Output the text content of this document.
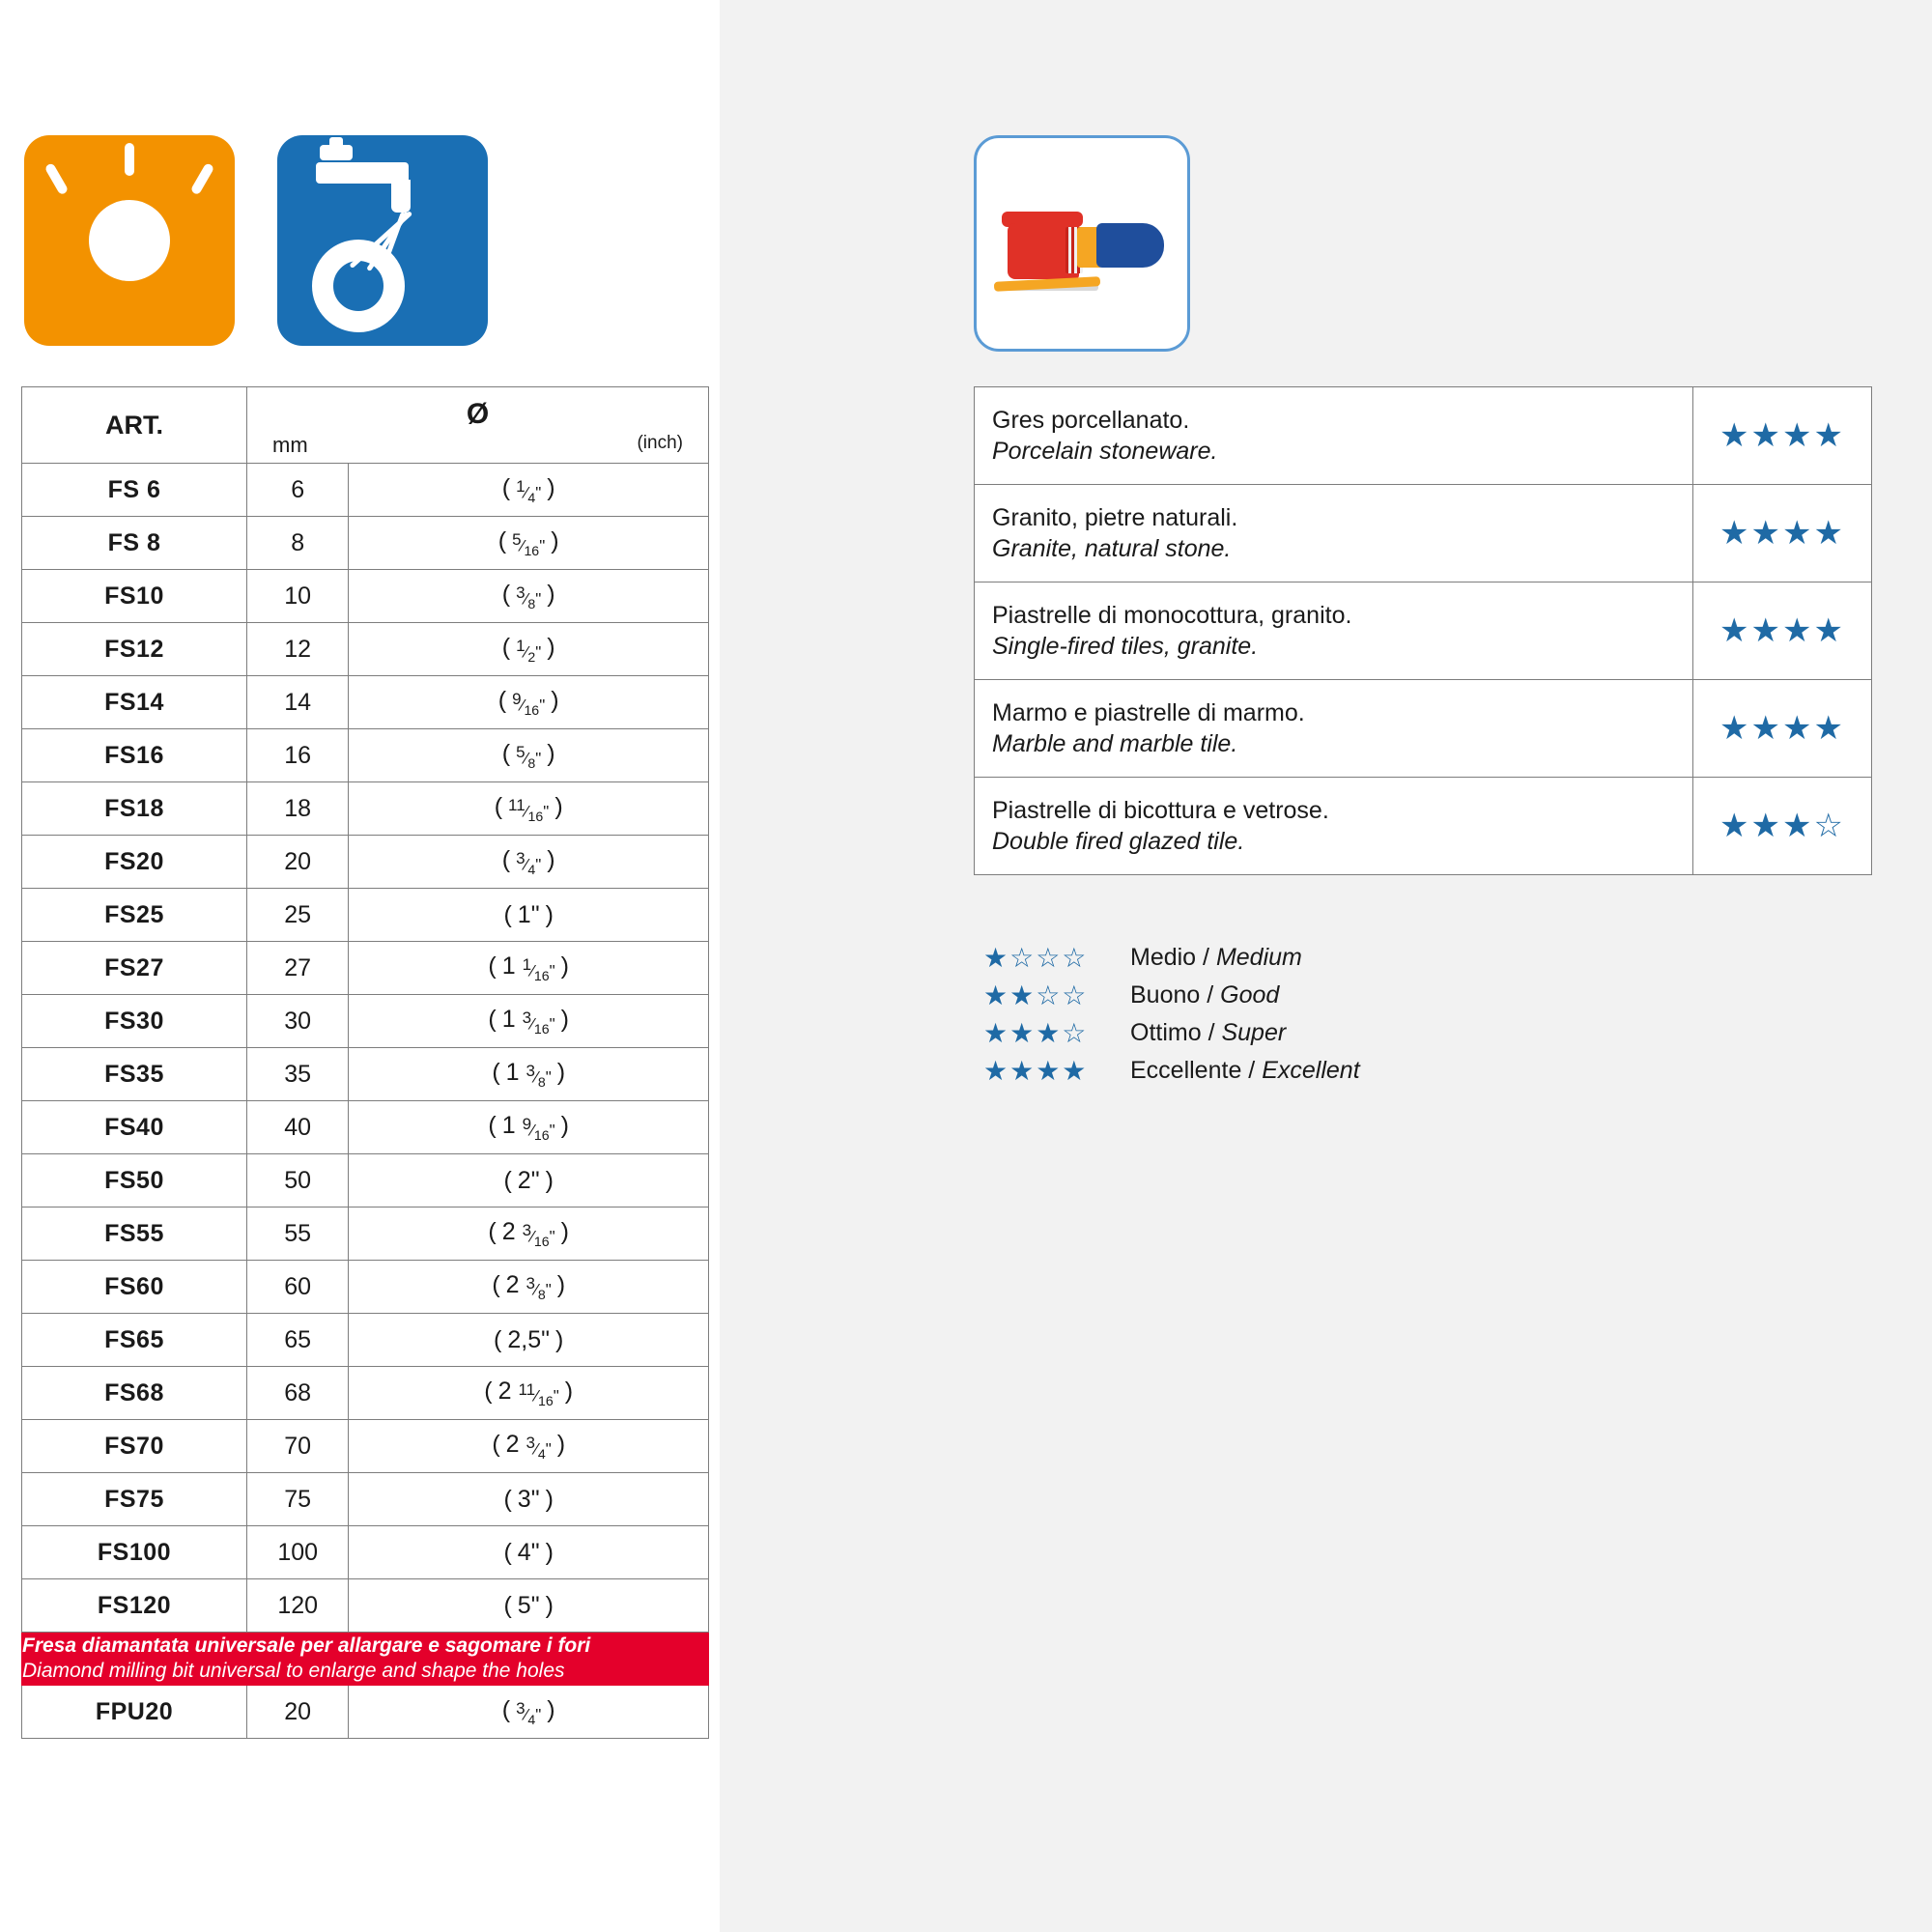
ART.	Ø
mm (inch)	

FS 6	6	( $^1⁄_4$" )
FS 8	8	( $^5⁄_{16}$" )
FS10	10	( $^3⁄_8$" )
FS12	12	( $^1⁄_2$" )
FS14	14	( $^9⁄_{16}$" )
FS16	16	( $^5⁄_8$" )
FS18	18	( $^{11}⁄_{16}$" )
FS20	20	( $^3⁄_4$" )
FS25	25	( 1" )
FS27	27	( 1 $^1⁄_{16}$" )
FS30	30	( 1 $^3⁄_{16}$" )
FS35	35	( 1 $^3⁄_8$" )
FS40	40	( 1 $^9⁄_{16}$" )
FS50	50	( 2" )
FS55	55	( 2 $^3⁄_{16}$" )
FS60	60	( 2 $^3⁄_8$" )
FS65	65	( 2,5" )
FS68	68	( 2 $^{11}⁄_{16}$" )
FS70	70	( 2 $^3⁄_4$" )
FS75	75	( 3" )
FS100	100	( 4" )
FS120	120	( 5" )

Fresa diamantata universale per allargare e sagomare i fori
Diamond milling bit universal to enlarge and shape the holes		

FPU20	20	( $^3⁄_4$" )
Gres porcellanato.
Porcelain stoneware.	★★★★

Granito, pietre naturali.
Granite, natural stone.	★★★★

Piastrelle di monocottura, granito.
Single-fired tiles, granite.	★★★★

Marmo e piastrelle di marmo.
Marble and marble tile.	★★★★

Piastrelle di bicottura e vetrose.
Double fired glazed tile.	★★★☆
★☆☆☆	Medio / Medium
★★☆☆	Buono / Good
★★★☆	Ottimo / Super
★★★★	Eccellente / Excellent
